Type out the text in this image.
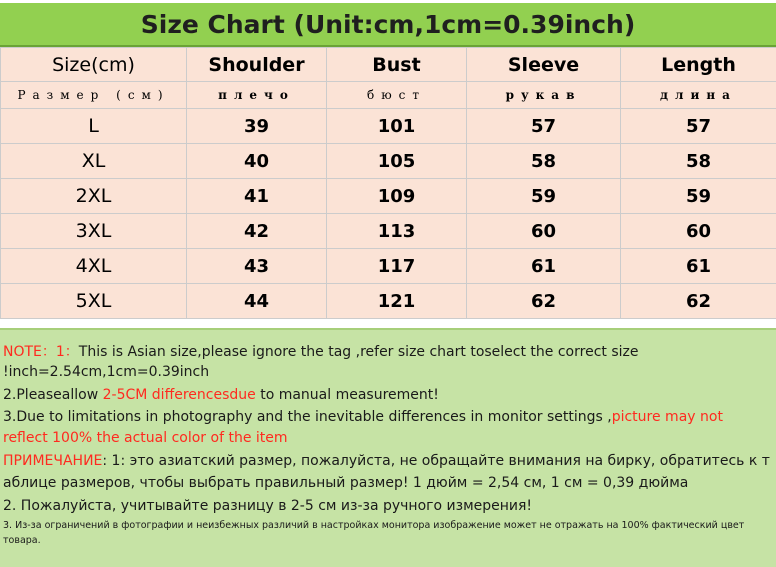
Size Chart (Unit:cm,1cm=0.39inch)
Size(cm)	Shoulder	Bust	Sleeve	Length
Размер (см)	плечо	бюст	рукав	длина
L	39	101	57	57
XL	40	105	58	58
2XL	41	109	59	59
3XL	42	113	60	60
4XL	43	117	61	61
5XL	44	121	62	62
NOTE：1：This is Asian size,please ignore the tag ,refer size chart toselect the correct size
!inch=2.54cm,1cm=0.39inch
2.Pleaseallow 2-5CM differencesdue to manual measurement!
3.Due to limitations in photography and the inevitable differences in monitor settings ,picture may not
reflect 100% the actual color of the item
ПРИМЕЧАНИЕ: 1: это азиатский размер, пожалуйста, не обращайте внимания на бирку, обратитесь к т
аблице размеров, чтобы выбрать правильный размер! 1 дюйм = 2,54 см, 1 см = 0,39 дюйма
2. Пожалуйста, учитывайте разницу в 2-5 см из-за ручного измерения!
3. Из-за ограничений в фотографии и неизбежных различий в настройках монитора изображение может не отражать на 100% фактический цвет
товара.
